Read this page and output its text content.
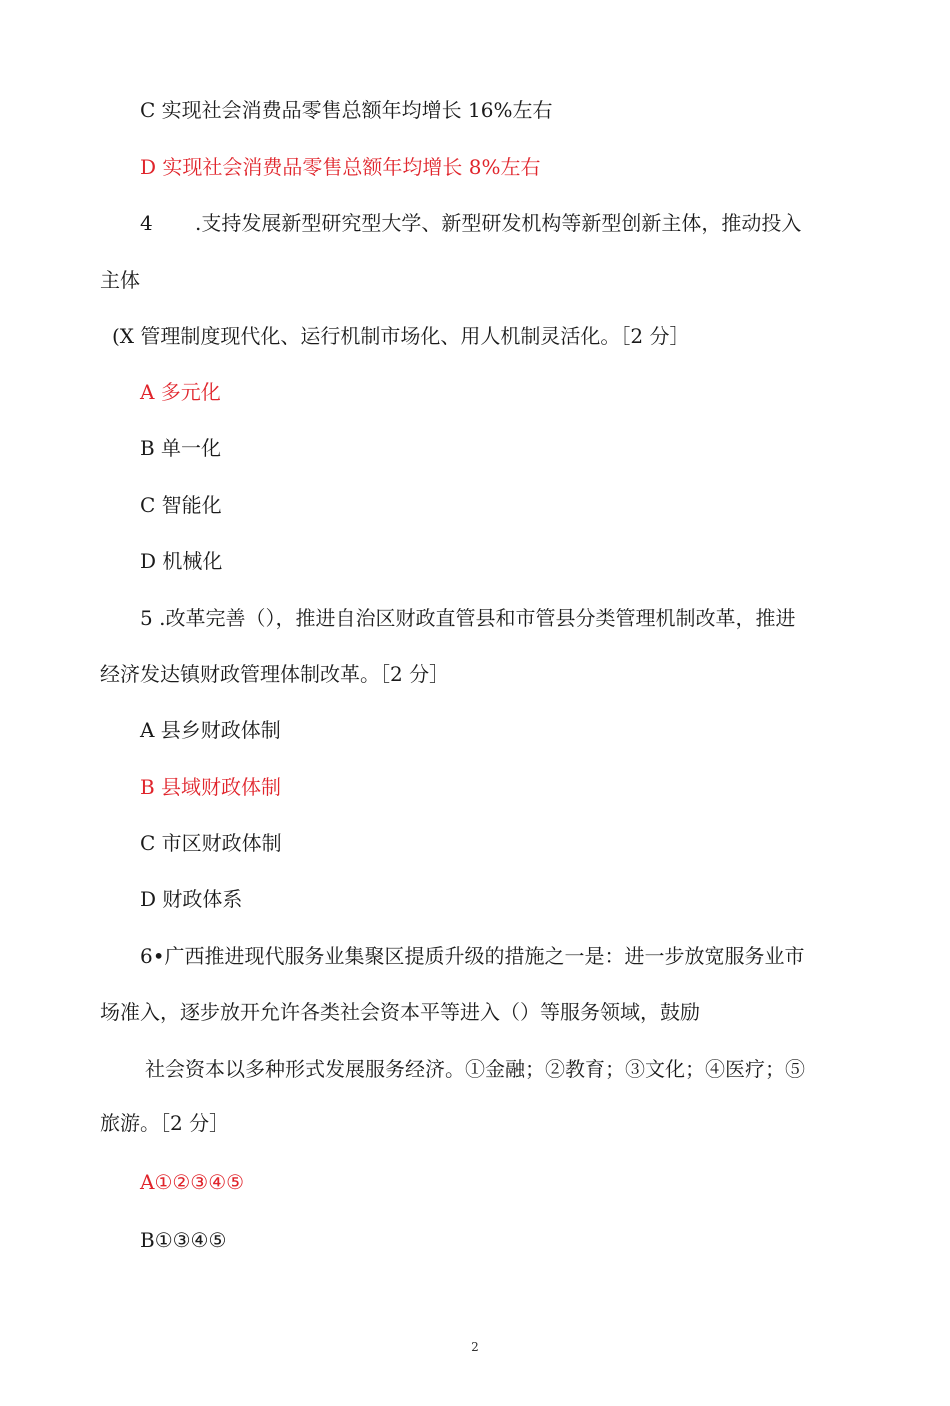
C 实现社会消费品零售总额年均增长 16%左右
D 实现社会消费品零售总额年均增长 8%左右
4 .支持发展新型研究型大学、新型研发机构等新型创新主体，推动投入
主体
(X 管理制度现代化、运行机制市场化、用人机制灵活化。［2 分］
A 多元化
B 单一化
C 智能化
D 机械化
5 .改革完善（），推进自治区财政直管县和市管县分类管理机制改革，推进
经济发达镇财政管理体制改革。［2 分］
A 县乡财政体制
B 县域财政体制
C 市区财政体制
D 财政体系
6•广西推进现代服务业集聚区提质升级的措施之一是：进一步放宽服务业市
场准入，逐步放开允许各类社会资本平等进入（）等服务领域，鼓励
社会资本以多种形式发展服务经济。①金融；②教育；③文化；④医疗；⑤
旅游。［2 分］
A①②③④⑤
B①③④⑤
2
